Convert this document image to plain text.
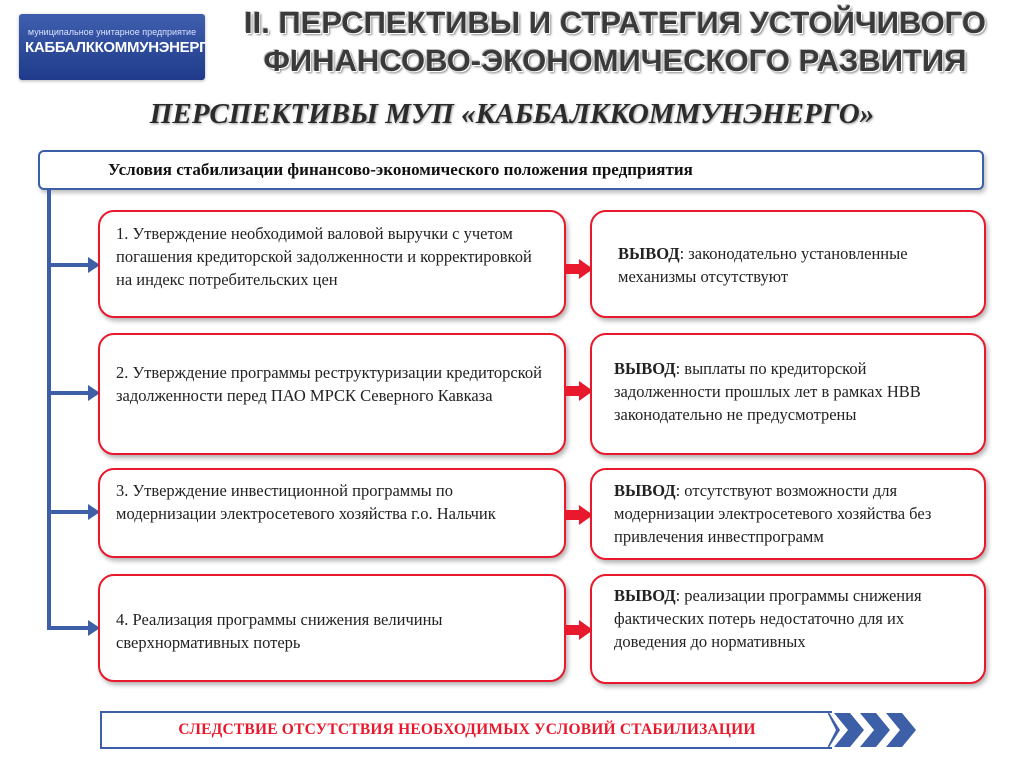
муниципальное унитарное предприятие
КАББАЛККОММУНЭНЕРГО
II. ПЕРСПЕКТИВЫ И СТРАТЕГИЯ УСТОЙЧИВОГО
ФИНАНСОВО-ЭКОНОМИЧЕСКОГО РАЗВИТИЯ
ПЕРСПЕКТИВЫ МУП «КАББАЛККОММУНЭНЕРГО»
Условия стабилизации финансово-экономического положения предприятия
1. Утверждение необходимой валовой выручки с учетом погашения кредиторской задолженности и корректировкой на индекс потребительских цен
ВЫВОД: законодательно установленные механизмы отсутствуют
2. Утверждение программы реструктуризации кредиторской задолженности перед ПАО МРСК Северного Кавказа
ВЫВОД: выплаты по кредиторской задолженности прошлых лет в рамках НВВ законодательно не предусмотрены
3. Утверждение инвестиционной программы по модернизации электросетевого хозяйства г.о. Нальчик
ВЫВОД: отсутствуют возможности для модернизации электросетевого хозяйства без привлечения инвестпрограмм
4. Реализация программы снижения величины сверхнормативных потерь
ВЫВОД: реализации программы снижения фактических потерь недостаточно для их доведения до нормативных
СЛЕДСТВИЕ ОТСУТСТВИЯ НЕОБХОДИМЫХ УСЛОВИЙ СТАБИЛИЗАЦИИ
